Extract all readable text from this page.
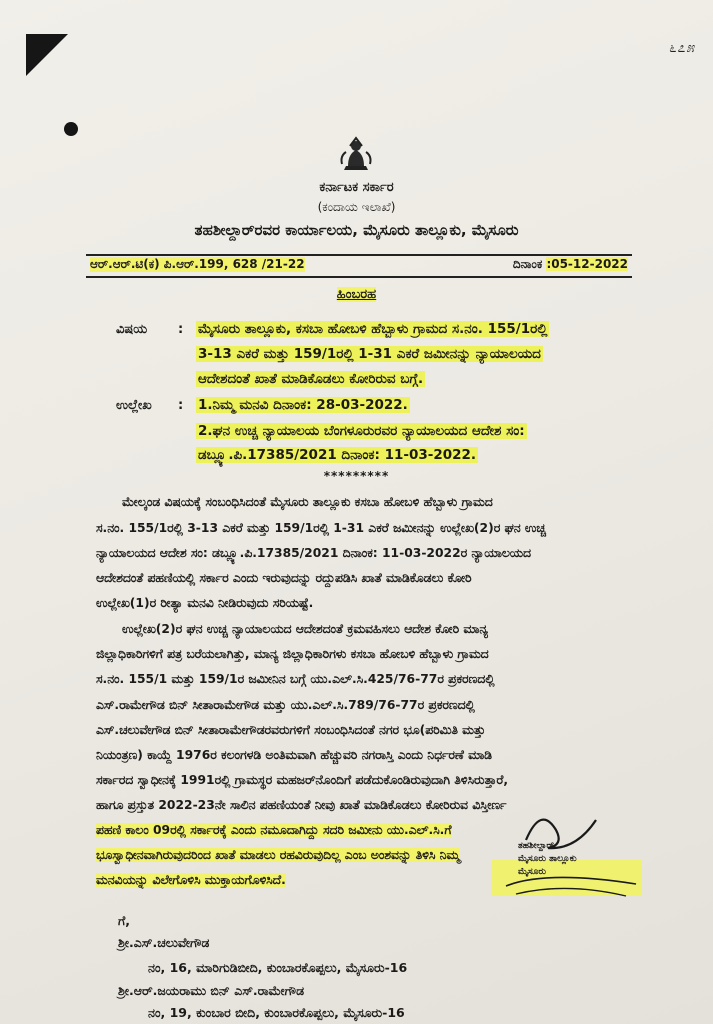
೬೭೫
ಕರ್ನಾಟಕ ಸರ್ಕಾರ
(ಕಂದಾಯ ಇಲಾಖೆ)
ತಹಶೀಲ್ದಾರ್‌ರವರ ಕಾರ್ಯಾಲಯ, ಮೈಸೂರು ತಾಲ್ಲೂಕು, ಮೈಸೂರು
ಆರ್.ಆರ್.ಟಿ(ಕ) ಪಿ.ಆರ್.199, 628 /21-22	ದಿನಾಂಕ :05-12-2022
ಹಿಂಬರಹ
ವಿಷಯ : ಮೈಸೂರು ತಾಲ್ಲೂಕು, ಕಸಬಾ ಹೋಬಳಿ ಹೆಬ್ಬಾಳು ಗ್ರಾಮದ ಸ.ನಂ. 155/1ರಲ್ಲಿ
3-13 ಎಕರೆ ಮತ್ತು 159/1ರಲ್ಲಿ 1-31 ಎಕರೆ ಜಮೀನನ್ನು ನ್ಯಾಯಾಲಯದ
ಆದೇಶದಂತೆ ಖಾತೆ ಮಾಡಿಕೊಡಲು ಕೋರಿರುವ ಬಗ್ಗೆ.
ಉಲ್ಲೇಖ : 1.ನಿಮ್ಮ ಮನವಿ ದಿನಾಂಕ: 28-03-2022.
2.ಘನ ಉಚ್ಚ ನ್ಯಾಯಾಲಯ ಬೆಂಗಳೂರುರವರ ನ್ಯಾಯಾಲಯದ ಆದೇಶ ಸಂ:
ಡಬ್ಲ್ಯೂ.ಪಿ.17385/2021 ದಿನಾಂಕ: 11-03-2022.
*********
ಮೇಲ್ಕಂಡ ವಿಷಯಕ್ಕೆ ಸಂಬಂಧಿಸಿದಂತೆ ಮೈಸೂರು ತಾಲ್ಲೂಕು ಕಸಬಾ ಹೋಬಳಿ ಹೆಬ್ಬಾಳು ಗ್ರಾಮದ
ಸ.ನಂ. 155/1ರಲ್ಲಿ 3-13 ಎಕರೆ ಮತ್ತು 159/1ರಲ್ಲಿ 1-31 ಎಕರೆ ಜಮೀನನ್ನು ಉಲ್ಲೇಖ(2)ರ ಘನ ಉಚ್ಚ
ನ್ಯಾಯಾಲಯದ ಆದೇಶ ಸಂ: ಡಬ್ಲ್ಯೂ.ಪಿ.17385/2021 ದಿನಾಂಕ: 11-03-2022ರ ನ್ಯಾಯಾಲಯದ
ಆದೇಶದಂತೆ ಪಹಣಿಯಲ್ಲಿ ಸರ್ಕಾರ ಎಂದು ಇರುವುದನ್ನು ರದ್ದುಪಡಿಸಿ ಖಾತೆ ಮಾಡಿಕೊಡಲು ಕೋರಿ
ಉಲ್ಲೇಖ(1)ರ ರೀತ್ಯಾ ಮನವಿ ನೀಡಿರುವುದು ಸರಿಯಷ್ಟೆ.
ಉಲ್ಲೇಖ(2)ರ ಘನ ಉಚ್ಚ ನ್ಯಾಯಾಲಯದ ಆದೇಶದಂತೆ ಕ್ರಮವಹಿಸಲು ಆದೇಶ ಕೋರಿ ಮಾನ್ಯ
ಜಿಲ್ಲಾಧಿಕಾರಿಗಳಿಗೆ ಪತ್ರ ಬರೆಯಲಾಗಿತ್ತು, ಮಾನ್ಯ ಜಿಲ್ಲಾಧಿಕಾರಿಗಳು ಕಸಬಾ ಹೋಬಳಿ ಹೆಬ್ಬಾಳು ಗ್ರಾಮದ
ಸ.ನಂ. 155/1 ಮತ್ತು 159/1ರ ಜಮೀನಿನ ಬಗ್ಗೆ ಯು.ಎಲ್.ಸಿ.425/76-77ರ ಪ್ರಕರಣದಲ್ಲಿ
ಎಸ್.ರಾಮೇಗೌಡ ಬಿನ್ ಸೀತಾರಾಮೇಗೌಡ ಮತ್ತು ಯು.ಎಲ್.ಸಿ.789/76-77ರ ಪ್ರಕರಣದಲ್ಲಿ
ಎಸ್.ಚಲುವೇಗೌಡ ಬಿನ್ ಸೀತಾರಾಮೇಗೌಡರವರುಗಳಿಗೆ ಸಂಬಂಧಿಸಿದಂತೆ ನಗರ ಭೂ(ಪರಿಮಿತಿ ಮತ್ತು
ನಿಯಂತ್ರಣ) ಕಾಯ್ದೆ 1976ರ ಕಲಂಗಳಡಿ ಅಂತಿಮವಾಗಿ ಹೆಚ್ಚುವರಿ ನಗರಾಸ್ತಿ ಎಂದು ನಿರ್ಧರಣೆ ಮಾಡಿ
ಸರ್ಕಾರದ ಸ್ವಾಧೀನಕ್ಕೆ 1991ರಲ್ಲಿ ಗ್ರಾಮಸ್ಥರ ಮಹಜರ್‌ನೊಂದಿಗೆ ಪಡೆದುಕೊಂಡಿರುವುದಾಗಿ ತಿಳಿಸಿರುತ್ತಾರೆ,
ಹಾಗೂ ಪ್ರಸ್ತುತ 2022-23ನೇ ಸಾಲಿನ ಪಹಣಿಯಂತೆ ನೀವು ಖಾತೆ ಮಾಡಿಕೊಡಲು ಕೋರಿರುವ ವಿಸ್ತೀರ್ಣ
ಪಹಣಿ ಕಾಲಂ 09ರಲ್ಲಿ ಸರ್ಕಾರಕ್ಕೆ ಎಂದು ನಮೂದಾಗಿದ್ದು ಸದರಿ ಜಮೀನು ಯು.ಎಲ್.ಸಿ.ಗೆ
ಭೂಸ್ವಾಧೀನವಾಗಿರುವುದರಿಂದ ಖಾತೆ ಮಾಡಲು ರಹವಿರುವುದಿಲ್ಲ ಎಂಬ ಅಂಶವನ್ನು ತಿಳಿಸಿ ನಿಮ್ಮ
ಮನವಿಯನ್ನು ವಿಲೇಗೊಳಿಸಿ ಮುಕ್ತಾಯಗೊಳಿಸಿದೆ.
ತಹಶೀಲ್ದಾರ್
ಮೈಸೂರು ತಾಲ್ಲೂಕು
ಮೈಸೂರು
ಗೆ,
ಶ್ರೀ.ಎಸ್.ಚಲುವೇಗೌಡ
ನಂ, 16, ಮಾರಿಗುಡಿಬೀದಿ, ಕುಂಬಾರಕೊಪ್ಪಲು, ಮೈಸೂರು-16
ಶ್ರೀ.ಆರ್.ಜಯರಾಮು ಬಿನ್ ಎಸ್.ರಾಮೇಗೌಡ
ನಂ, 19, ಕುಂಬಾರ ಬೀದಿ, ಕುಂಬಾರಕೊಪ್ಪಲು, ಮೈಸೂರು-16
